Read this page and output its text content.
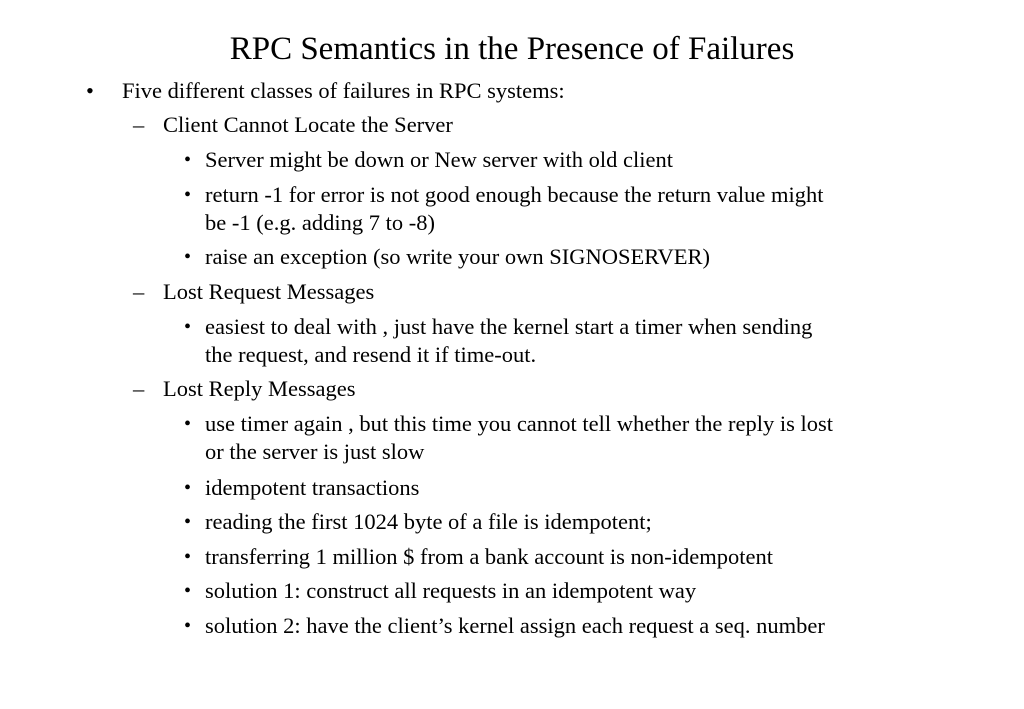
RPC Semantics in the Presence of Failures
• Five different classes of failures in RPC systems:
– Client Cannot Locate the Server
• Server might be down or New server with old client
• return -1 for error is not good enough because the return value might
be -1 (e.g. adding 7 to -8)
• raise an exception (so write your own SIGNOSERVER)
– Lost Request Messages
• easiest to deal with , just have the kernel start a timer when sending
the request, and resend it if time-out.
– Lost Reply Messages
• use timer again , but this time you cannot tell whether the reply is lost
or the server is just slow
• idempotent transactions
• reading the first 1024 byte of a file is idempotent;
• transferring 1 million $ from a bank account is non-idempotent
• solution 1: construct all requests in an idempotent way
• solution 2: have the client’s kernel assign each request a seq. number
